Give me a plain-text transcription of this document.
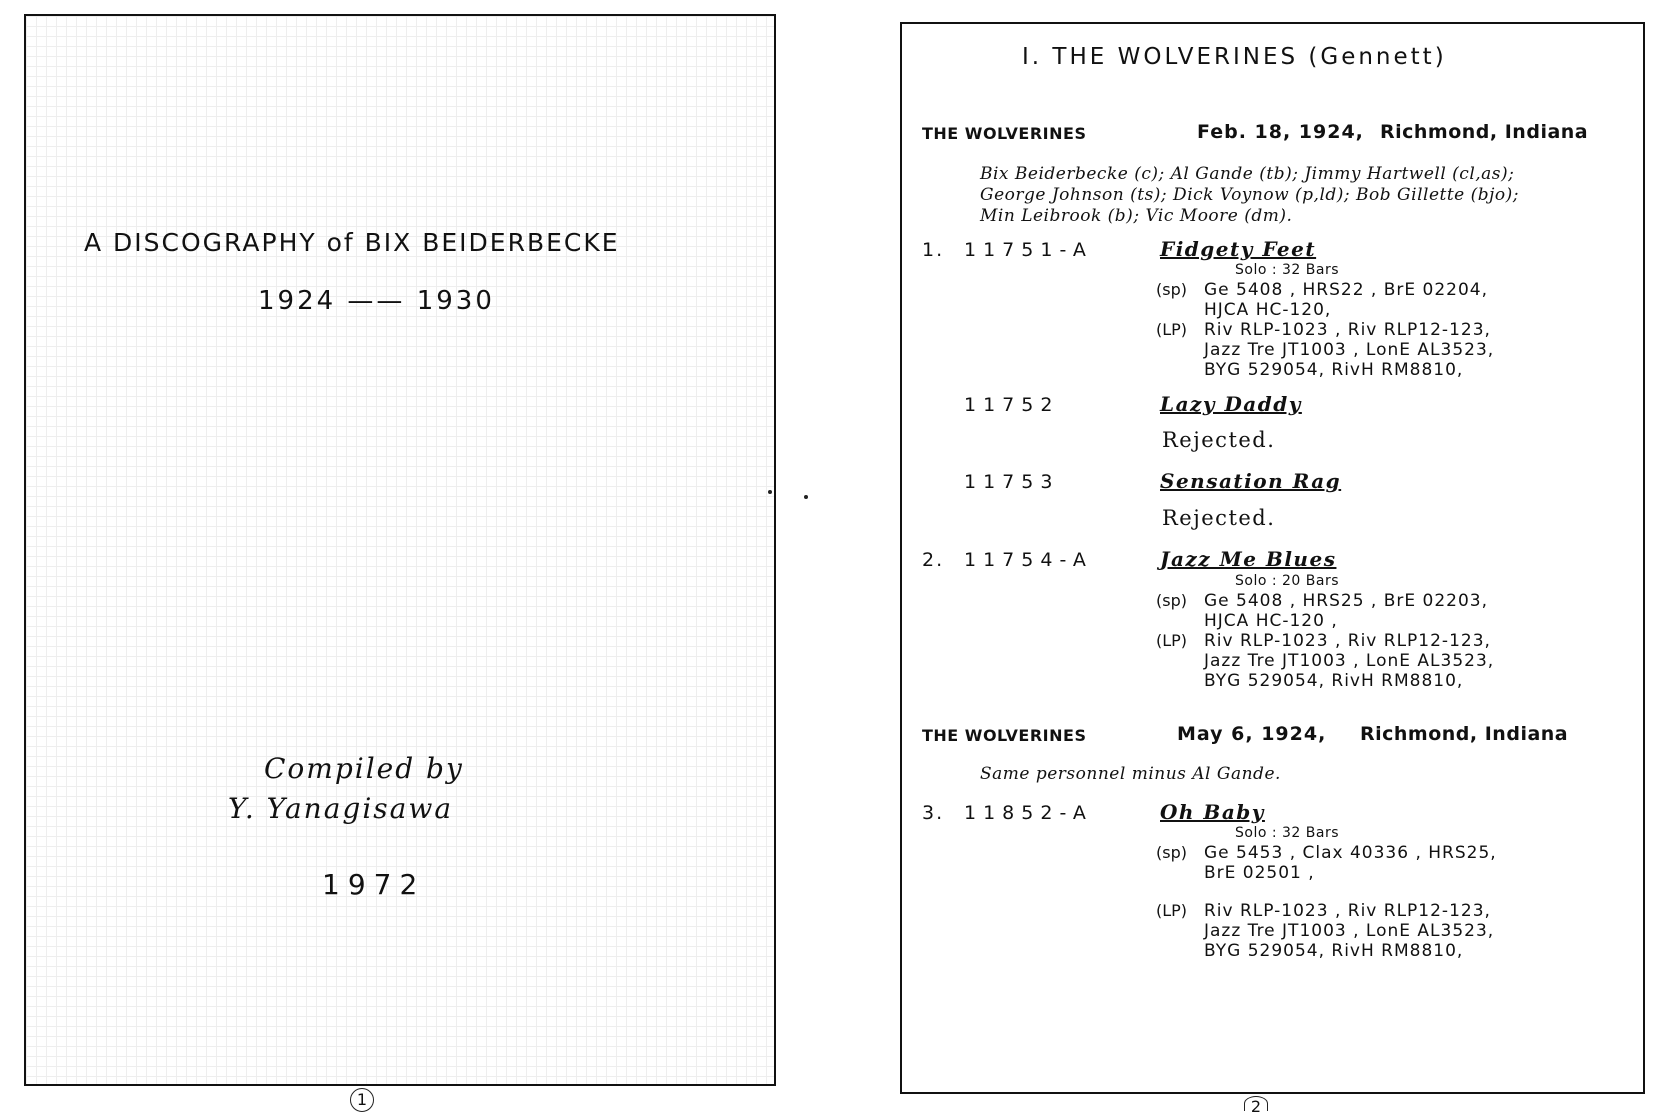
A DISCOGRAPHY of BIX BEIDERBECKE
1924 —— 1930
Compiled by
Y. Yanagisawa
1972
1
I. THE WOLVERINES (Gennett)
THE WOLVERINES	Feb. 18, 1924, Richmond, Indiana
Bix Beiderbecke (c); Al Gande (tb); Jimmy Hartwell (cl,as);
George Johnson (ts); Dick Voynow (p,ld); Bob Gillette (bjo);
Min Leibrook (b); Vic Moore (dm).
1. 11751-A	Fidgety Feet
Solo : 32 Bars
(sp) Ge 5408 , HRS22 , BrE 02204,
HJCA HC-120,
(LP) Riv RLP-1023 , Riv RLP12-123,
Jazz Tre JT1003 , LonE AL3523,
BYG 529054, RivH RM8810,
11752	Lazy Daddy
Rejected.
11753	Sensation Rag
Rejected.
2. 11754-A	Jazz Me Blues
Solo : 20 Bars
(sp) Ge 5408 , HRS25 , BrE 02203,
HJCA HC-120 ,
(LP) Riv RLP-1023 , Riv RLP12-123,
Jazz Tre JT1003 , LonE AL3523,
BYG 529054, RivH RM8810,
THE WOLVERINES	May 6, 1924, Richmond, Indiana
Same personnel minus Al Gande.
3. 11852-A	Oh Baby
Solo : 32 Bars
(sp) Ge 5453 , Clax 40336 , HRS25,
BrE 02501 ,
(LP) Riv RLP-1023 , Riv RLP12-123,
Jazz Tre JT1003 , LonE AL3523,
BYG 529054, RivH RM8810,
2
